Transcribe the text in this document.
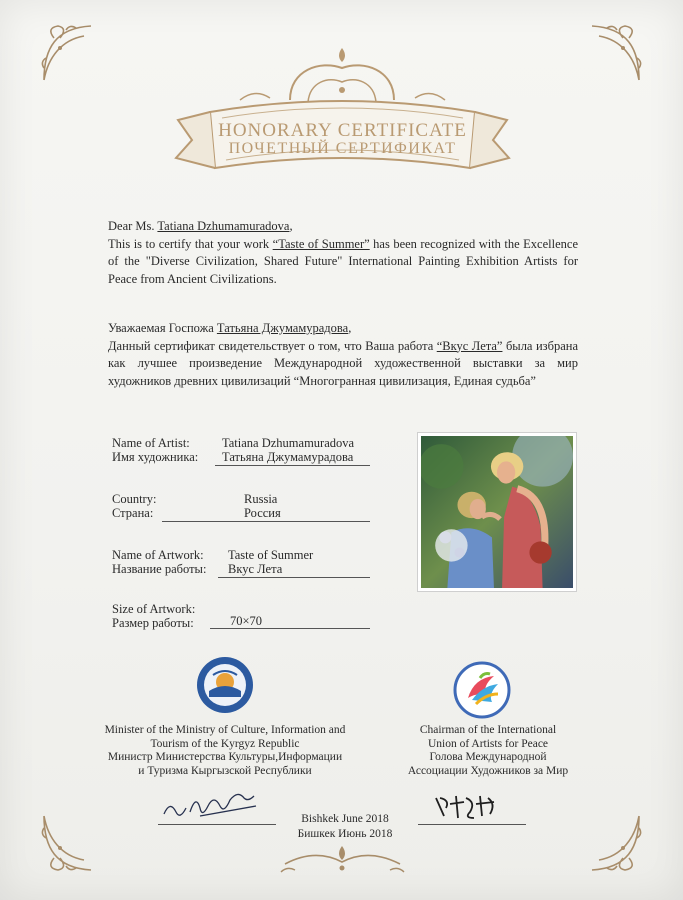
HONORARY CERTIFICATE
ПОЧЕТНЫЙ СЕРТИФИКАТ
Dear Ms. Tatiana Dzhumamuradova,
This is to certify that your work “Taste of Summer” has been recognized with the Excellence of the "Diverse Civilization, Shared Future" International Painting Exhibition Artists for Peace from Ancient Civilizations.
Уважаемая Госпожа Татьяна Джумамурадова,
Данный сертификат свидетельствует о том, что Ваша работа “Вкус Лета” была избрана как лучшее произведение Международной художественной выставки за мир художников древних цивилизаций “Многогранная цивилизация, Единая судьба”
Name of Artist:
Имя художника:
Tatiana Dzhumamuradova
Татьяна Джумамурадова
Country:
Страна:
Russia
Россия
Name of Artwork:
Название работы:
Taste of Summer
Вкус Лета
Size of Artwork:
Размер работы:	70×70
Minister of the Ministry of Culture, Information and
Tourism of the Kyrgyz Republic
Министр Министерства Культуры,Информации
и Туризма Кыргызской Республики
Chairman of the International
Union of Artists for Peace
Голова Международной
Ассоциации Художников за Мир
Bishkek June 2018
Бишкек Июнь 2018
